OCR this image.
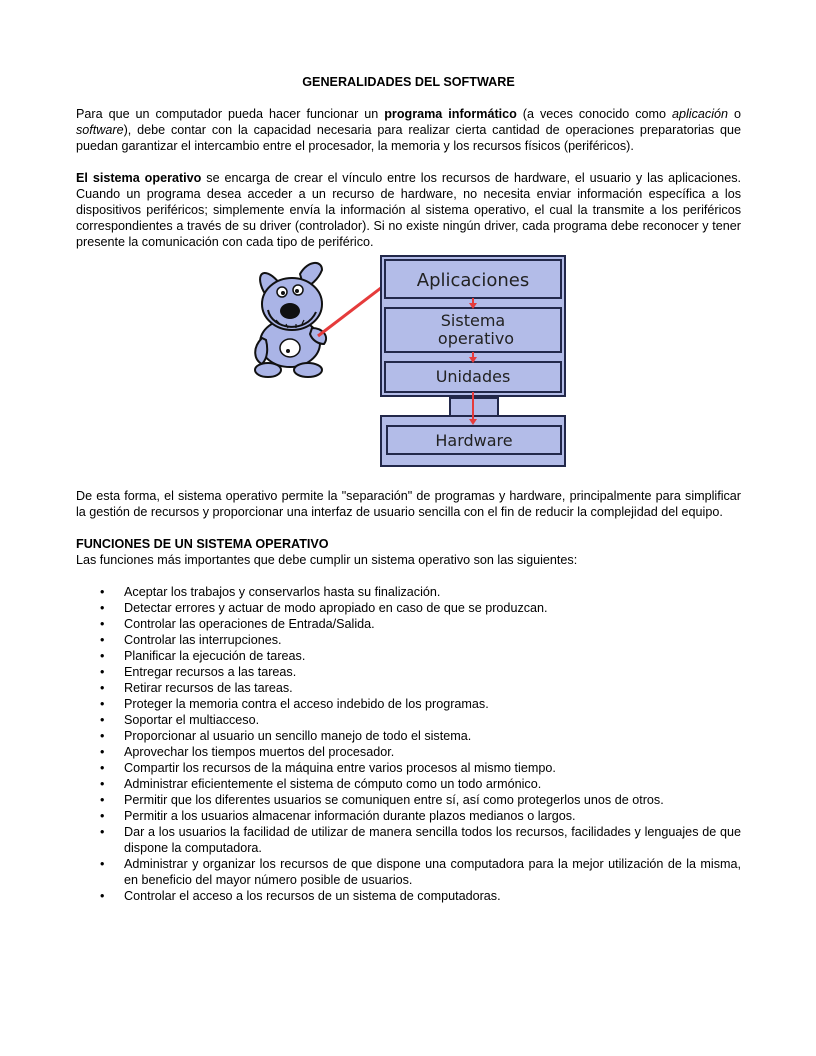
GENERALIDADES DEL SOFTWARE

Para que un computador pueda hacer funcionar un programa informático (a veces conocido como aplicación o software), debe contar con la capacidad necesaria para realizar cierta cantidad de operaciones preparatorias que puedan garantizar el intercambio entre el procesador, la memoria y los recursos físicos (periféricos).

El sistema operativo se encarga de crear el vínculo entre los recursos de hardware, el usuario y las aplicaciones. Cuando un programa desea acceder a un recurso de hardware, no necesita enviar información específica a los dispositivos periféricos; simplemente envía la información al sistema operativo, el cual la transmite a los periféricos correspondientes a través de su driver (controlador). Si no existe ningún driver, cada programa debe reconocer y tener presente la comunicación con cada tipo de periférico.

Aplicaciones
Sistema
operativo
Unidades
Hardware

De esta forma, el sistema operativo permite la "separación" de programas y hardware, principalmente para simplificar la gestión de recursos y proporcionar una interfaz de usuario sencilla con el fin de reducir la complejidad del equipo.

FUNCIONES DE UN SISTEMA OPERATIVO

Las funciones más importantes que debe cumplir un sistema operativo son las siguientes:

• Aceptar los trabajos y conservarlos hasta su finalización.
• Detectar errores y actuar de modo apropiado en caso de que se produzcan.
• Controlar las operaciones de Entrada/Salida.
• Controlar las interrupciones.
• Planificar la ejecución de tareas.
• Entregar recursos a las tareas.
• Retirar recursos de las tareas.
• Proteger la memoria contra el acceso indebido de los programas.
• Soportar el multiacceso.
• Proporcionar al usuario un sencillo manejo de todo el sistema.
• Aprovechar los tiempos muertos del procesador.
• Compartir los recursos de la máquina entre varios procesos al mismo tiempo.
• Administrar eficientemente el sistema de cómputo como un todo armónico.
• Permitir que los diferentes usuarios se comuniquen entre sí, así como protegerlos unos de otros.
• Permitir a los usuarios almacenar información durante plazos medianos o largos.
• Dar a los usuarios la facilidad de utilizar de manera sencilla todos los recursos, facilidades y lenguajes de que dispone la computadora.
• Administrar y organizar los recursos de que dispone una computadora para la mejor utilización de la misma, en beneficio del mayor número posible de usuarios.
• Controlar el acceso a los recursos de un sistema de computadoras.
